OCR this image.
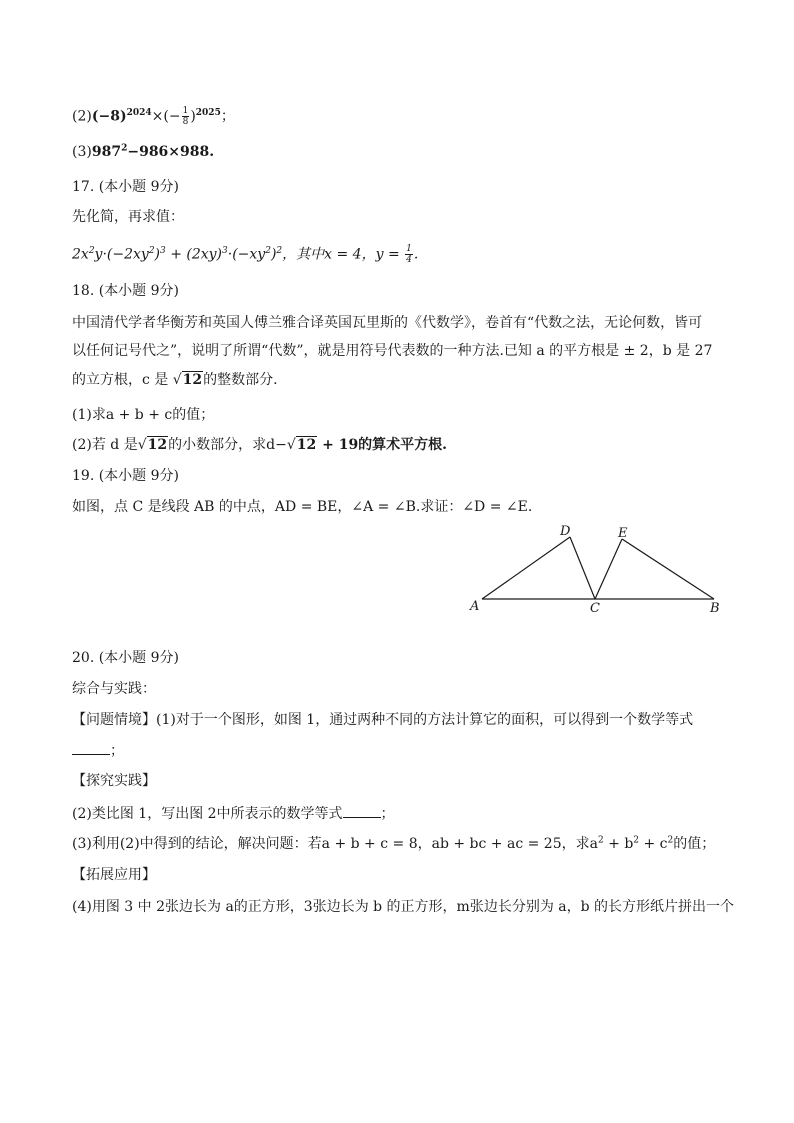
$(2)(-8)^{2024}\times(- \frac{1}{8} )^{2025}$；
$(3)987^2-986\times 988$.
17. (本小题 9分)
先化简，再求值：
$2x^2y\cdot(-2xy^2)^3 + (2xy)^3\cdot(-xy^2)^2$，其中x = 4，$y = \frac{1}{4}$ .
18. (本小题 9分)
中国清代学者华衡芳和英国人傅兰雅合译英国瓦里斯的《代数学》，卷首有“代数之法，无论何数，皆可
以任何记号代之”，说明了所谓“代数”，就是用符号代表数的一种方法.已知 a 的平方根是 ± 2，b 是 27
的立方根，c 是 √12的整数部分.
(1)求a + b + c的值；
(2)若 d 是√12的小数部分，求d−√12 + 19的算术平方根.
19. (本小题 9分)
如图，点 C 是线段 AB 的中点，AD = BE，∠A = ∠B.求证：∠D = ∠E.
A
D	E
C	B
20. (本小题 9分)
综合与实践：
【问题情境】(1)对于一个图形，如图 1，通过两种不同的方法计算它的面积，可以得到一个数学等式
；
【探究实践】
(2)类比图 1，写出图 2中所表示的数学等式	；
(3)利用(2)中得到的结论，解决问题：若a + b + c = 8，ab + bc + ac = 25，求$a^2 + b^2 + c^2$的值；
【拓展应用】
(4)用图 3 中 2张边长为 a的正方形，3张边长为 b 的正方形，m张边长分别为 a，b 的长方形纸片拼出一个
